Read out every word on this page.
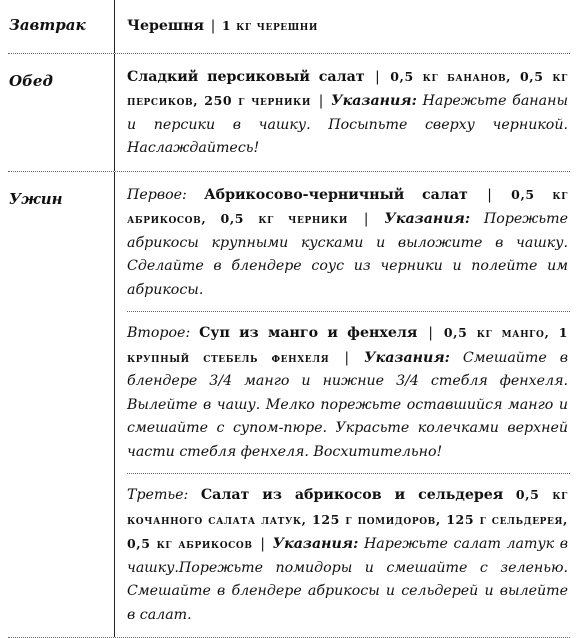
Завтрак	Черешня | 1 кг черешни
Обед	Сладкий персиковый салат | 0,5 кг бананов, 0,5 кг персиков, 250 г черники | Указания: Нарежьте бананы и персики в чашку. Посыпьте сверху черникой. Наслаждайтесь!
Ужин	Первое: Абрикосово-черничный салат | 0,5 кг абрикосов, 0,5 кг черники | Указания: Порежьте абрикосы крупными кусками и выложите в чашку. Сделайте в блендере соус из черники и полейте им абрикосы.
Второе: Суп из манго и фенхеля | 0,5 кг манго, 1 крупный стебель фенхеля | Указания: Смешайте в блендере 3/4 манго и нижние 3/4 стебля фенхеля. Вылейте в чашу. Мелко порежьте оставшийся манго и смешайте с супом-пюре. Украсьте колечками верхней части стебля фенхеля. Восхитительно!
Третье: Салат из абрикосов и сельдерея 0,5 кг кочанного салата латук, 125 г помидоров, 125 г сельдерея, 0,5 кг абрикосов | Указания: Нарежьте салат латук в чашку.Порежьте помидоры и смешайте с зеленью. Смешайте в блендере абрикосы и сельдерей и вылейте в салат.
